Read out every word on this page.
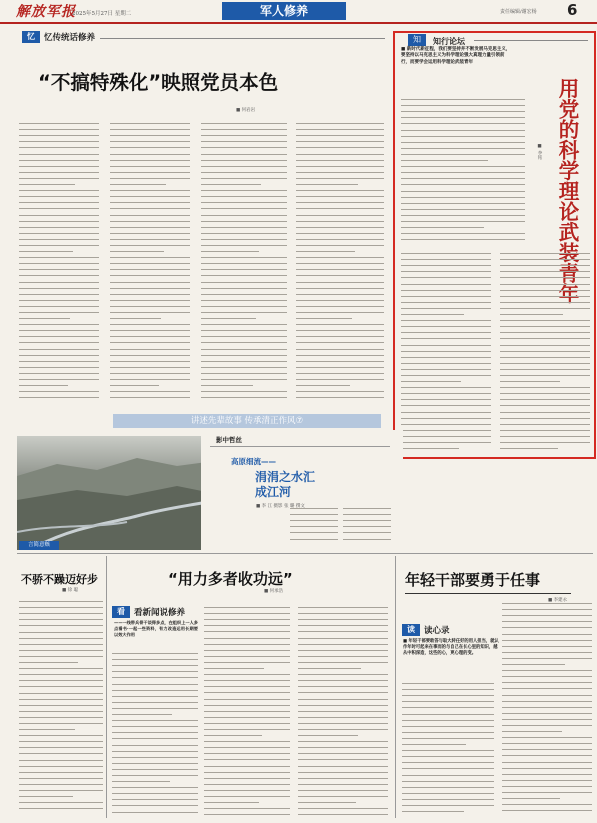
解放军报
2025年5月27日 星期二	军人修养	责任编辑/谢宏杨 6
忆	忆传统话修养
“不搞特殊化”映照党员本色
■ 何岩岩
知	知行论坛
■ 新时代新征程，我们要坚持并不断发展马克思主义，要坚持以马克思主义为科学理论强大真理力量引领前行，而要学会运用科学理论武装青年
用党的科学理论武装青年
■ 李铭
讲述先辈故事 传承清正作风⑦
影中哲丝
高原细流——
涓涓之水汇成江河
■ 李 江 摄影 张 璐 撰文
言简意赅
不骄不躁迈好步
■ 徐 聪
“用力多者收功远”
■ 何承浩
看	看新闻说修养
——一线带兵骨干谈得多点，在组织上一人多点看书·一起一些资料，有力改造运用长期要以效大作用
年轻干部要勇于任事
■ 李建永
读	读心录
■ 年轻干部要敢答与取大转任好的用人担当，就认作年时可起来在事而的与自己在长心里的知识，越从中积深造，这些的心，更心理的变。
